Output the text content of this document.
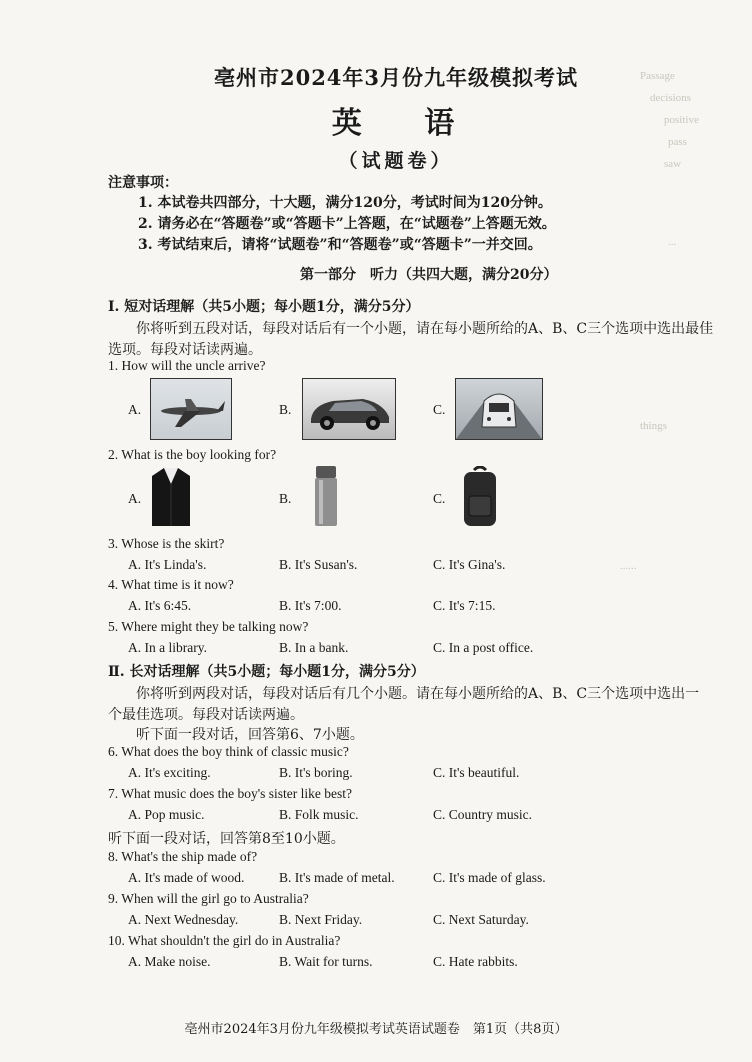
Passage
decisions
positive
pass
saw
...
things
......
亳州市2024年3月份九年级模拟考试
英 语
（试题卷）
注意事项：
1. 本试卷共四部分，十大题，满分120分，考试时间为120分钟。
2. 请务必在“答题卷”或“答题卡”上答题，在“试题卷”上答题无效。
3. 考试结束后，请将“试题卷”和“答题卷”或“答题卡”一并交回。
第一部分　听力（共四大题，满分20分）
Ⅰ. 短对话理解（共5小题；每小题1分，满分5分）
你将听到五段对话，每段对话后有一个小题，请在每小题所给的A、B、C三个选项中选出最佳
选项。每段对话读两遍。
1. How will the uncle arrive?
A.	B.	C.
2. What is the boy looking for?
A.	B.	C.
3. Whose is the skirt?
A. It's Linda's.	B. It's Susan's.	C. It's Gina's.
4. What time is it now?
A. It's 6:45.	B. It's 7:00.	C. It's 7:15.
5. Where might they be talking now?
A. In a library.	B. In a bank.	C. In a post office.
Ⅱ. 长对话理解（共5小题；每小题1分，满分5分）
你将听到两段对话，每段对话后有几个小题。请在每小题所给的A、B、C三个选项中选出一
个最佳选项。每段对话读两遍。
听下面一段对话，回答第6、7小题。
6. What does the boy think of classic music?
A. It's exciting.	B. It's boring.	C. It's beautiful.
7. What music does the boy's sister like best?
A. Pop music.	B. Folk music.	C. Country music.
听下面一段对话，回答第8至10小题。
8. What's the ship made of?
A. It's made of wood.	B. It's made of metal.	C. It's made of glass.
9. When will the girl go to Australia?
A. Next Wednesday.	B. Next Friday.	C. Next Saturday.
10. What shouldn't the girl do in Australia?
A. Make noise.	B. Wait for turns.	C. Hate rabbits.
亳州市2024年3月份九年级模拟考试英语试题卷　第1页（共8页）
